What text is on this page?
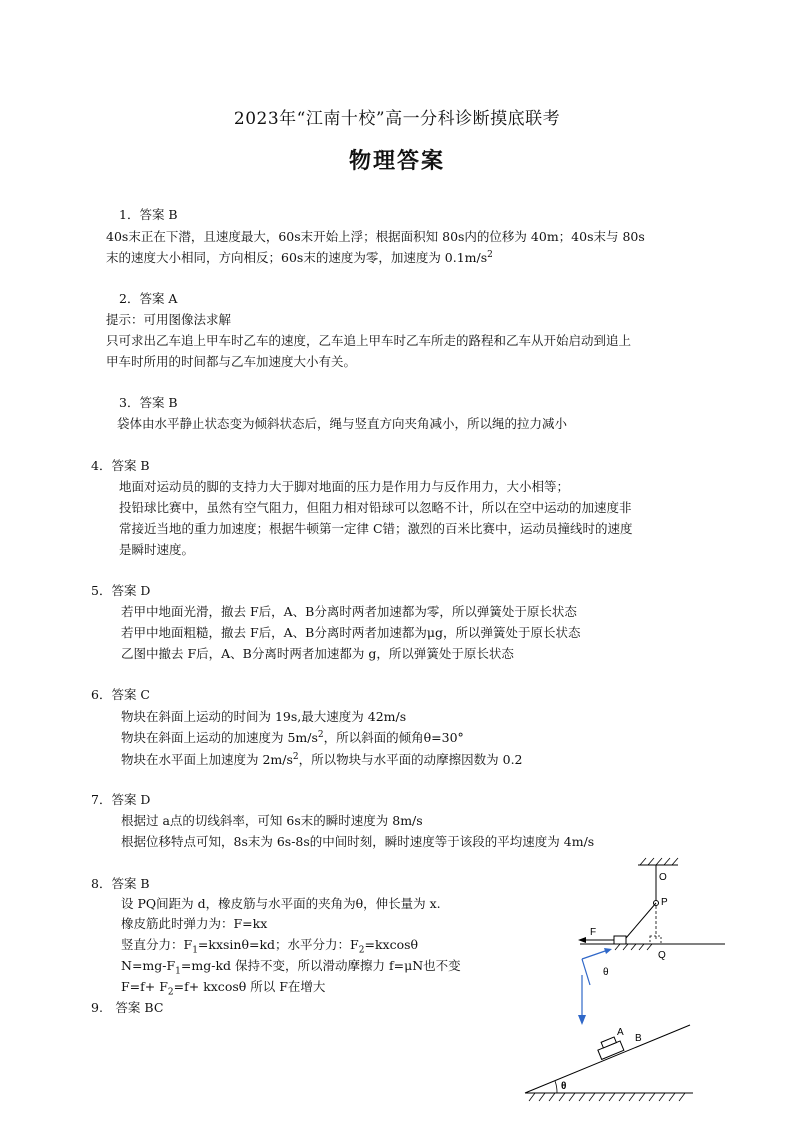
2023年“江南十校”高一分科诊断摸底联考
物理答案
1．答案 B
40s末正在下潜，且速度最大，60s末开始上浮；根据面积知 80s内的位移为 40m；40s末与 80s
末的速度大小相同，方向相反；60s末的速度为零，加速度为 $0.1m/s^2$
2．答案 A
提示：可用图像法求解
只可求出乙车追上甲车时乙车的速度，乙车追上甲车时乙车所走的路程和乙车从开始启动到追上
甲车时所用的时间都与乙车加速度大小有关。
3．答案 B
袋体由水平静止状态变为倾斜状态后，绳与竖直方向夹角减小，所以绳的拉力减小
4．答案 B
地面对运动员的脚的支持力大于脚对地面的压力是作用力与反作用力，大小相等；
投铅球比赛中，虽然有空气阻力，但阻力相对铅球可以忽略不计，所以在空中运动的加速度非
常接近当地的重力加速度；根据牛顿第一定律 C错；激烈的百米比赛中，运动员撞线时的速度
是瞬时速度。
5．答案 D
若甲中地面光滑，撤去 F后，A、B分离时两者加速都为零，所以弹簧处于原长状态
若甲中地面粗糙，撤去 F后，A、B分离时两者加速都为μg，所以弹簧处于原长状态
乙图中撤去 F后，A、B分离时两者加速都为 g，所以弹簧处于原长状态
6．答案 C
物块在斜面上运动的时间为 19s,最大速度为 42m/s
物块在斜面上运动的加速度为 $5m/s^2$，所以斜面的倾角θ=30°
物块在水平面上加速度为 $2m/s^2$，所以物块与水平面的动摩擦因数为 0.2
7．答案 D
根据过 a点的切线斜率，可知 6s末的瞬时速度为 8m/s
根据位移特点可知，8s末为 6s-8s的中间时刻，瞬时速度等于该段的平均速度为 4m/s
8．答案 B
设 PQ间距为 d，橡皮筋与水平面的夹角为θ，伸长量为 x.
橡皮筋此时弹力为：F=kx
竖直分力：$F_1=kxsin\theta=kd$；水平分力：$F_2=kxcos\theta$
$N=mg-F_1=mg-kd$ 保持不变，所以滑动摩擦力 f=μN也不变
$F=f+ F_2=f+ kxcos\theta$ 所以 F在增大
9.　答案 BC
O
P
Q
F
θ
θ
A
B
